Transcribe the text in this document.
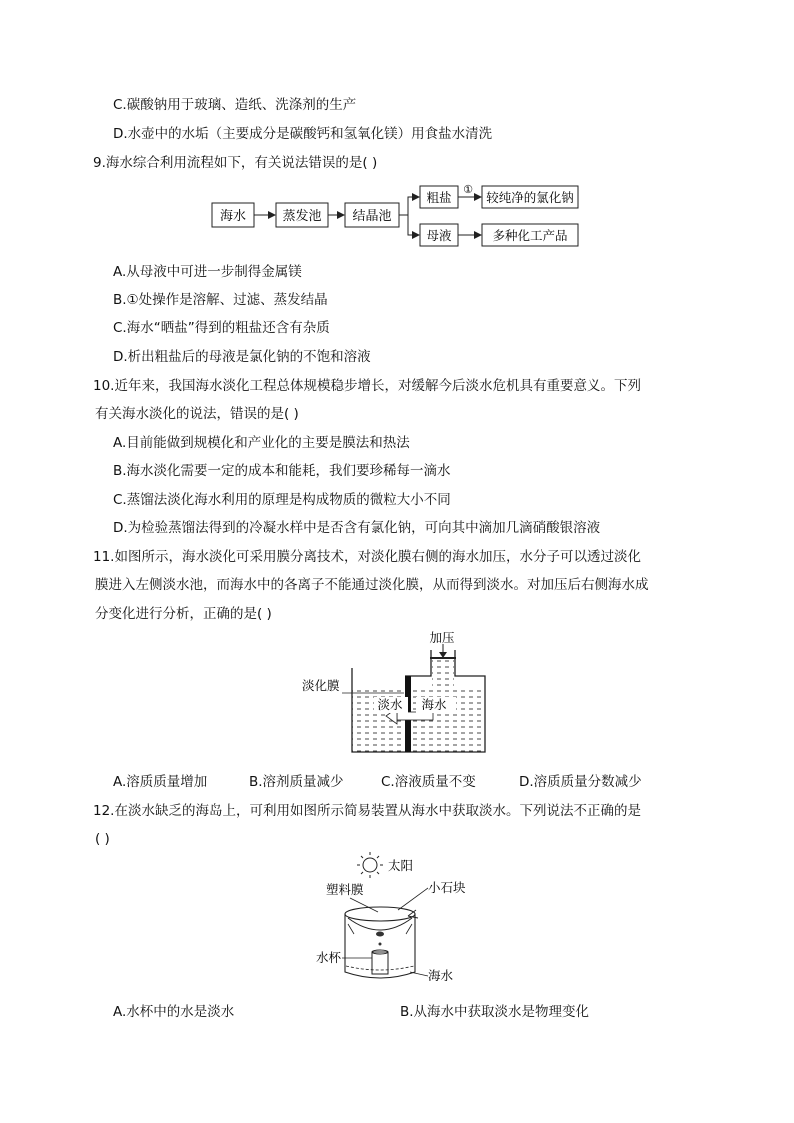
C.碳酸钠用于玻璃、造纸、洗涤剂的生产
D.水壶中的水垢（主要成分是碳酸钙和氢氧化镁）用食盐水清洗
9.海水综合利用流程如下，有关说法错误的是( )
海水	蒸发池 结晶池
粗盐
①
较纯净的氯化钠
母液	多种化工产品
A.从母液中可进一步制得金属镁
B.①处操作是溶解、过滤、蒸发结晶
C.海水“晒盐”得到的粗盐还含有杂质
D.析出粗盐后的母液是氯化钠的不饱和溶液
10.近年来，我国海水淡化工程总体规模稳步增长，对缓解今后淡水危机具有重要意义。下列
有关海水淡化的说法，错误的是( )
A.目前能做到规模化和产业化的主要是膜法和热法
B.海水淡化需要一定的成本和能耗，我们要珍稀每一滴水
C.蒸馏法淡化海水利用的原理是构成物质的微粒大小不同
D.为检验蒸馏法得到的冷凝水样中是否含有氯化钠，可向其中滴加几滴硝酸银溶液
11.如图所示，海水淡化可采用膜分离技术，对淡化膜右侧的海水加压，水分子可以透过淡化
膜进入左侧淡水池，而海水中的各离子不能通过淡化膜，从而得到淡水。对加压后右侧海水成
分变化进行分析，正确的是( )
加压
淡化膜
淡水 海水
A.溶质质量增加	B.溶剂质量减少	C.溶液质量不变	D.溶质质量分数减少
12.在淡水缺乏的海岛上，可利用如图所示简易装置从海水中获取淡水。下列说法不正确的是
( )
太阳
塑料膜	小石块
水杯
海水
A.水杯中的水是淡水	B.从海水中获取淡水是物理变化
